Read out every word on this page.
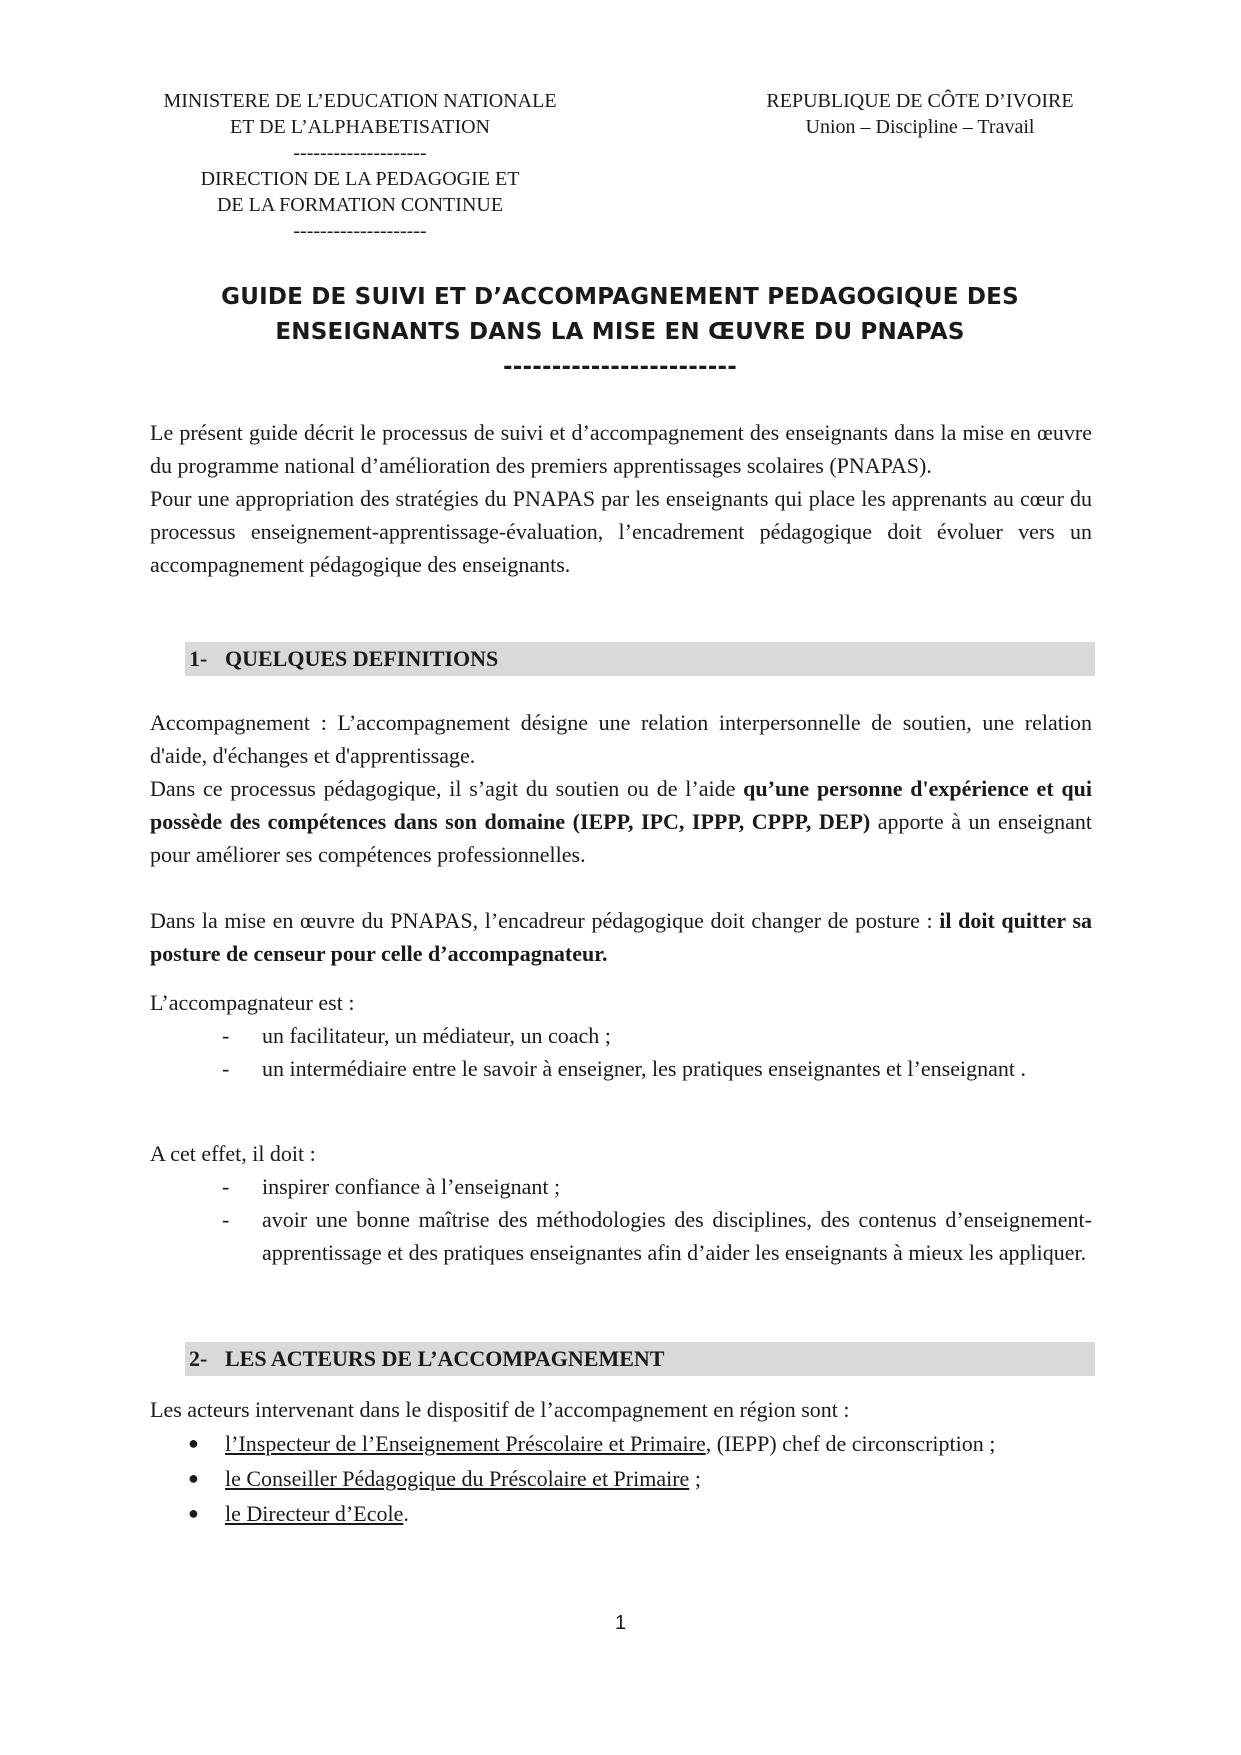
MINISTERE DE L’EDUCATION NATIONALE
ET DE L’ALPHABETISATION
--------------------
DIRECTION DE LA PEDAGOGIE ET
DE LA FORMATION CONTINUE
--------------------
REPUBLIQUE DE CÔTE D’IVOIRE
Union – Discipline – Travail
GUIDE DE SUIVI ET D’ACCOMPAGNEMENT PEDAGOGIQUE DES
ENSEIGNANTS DANS LA MISE EN ŒUVRE DU PNAPAS
------------------------

Le présent guide décrit le processus de suivi et d’accompagnement des enseignants dans la mise en œuvre du programme national d’amélioration des premiers apprentissages scolaires (PNAPAS).

Pour une appropriation des stratégies du PNAPAS par les enseignants qui place les apprenants au cœur du processus enseignement-apprentissage-évaluation, l’encadrement pédagogique doit évoluer vers un accompagnement pédagogique des enseignants.

1- QUELQUES DEFINITIONS

Accompagnement : L’accompagnement désigne une relation interpersonnelle de soutien, une relation d'aide, d'échanges et d'apprentissage.

Dans ce processus pédagogique, il s’agit du soutien ou de l’aide qu’une personne d'expérience et qui possède des compétences dans son domaine (IEPP, IPC, IPPP, CPPP, DEP) apporte à un enseignant pour améliorer ses compétences professionnelles.

Dans la mise en œuvre du PNAPAS, l’encadreur pédagogique doit changer de posture : il doit quitter sa posture de censeur pour celle d’accompagnateur.

L’accompagnateur est :

- un facilitateur, un médiateur, un coach ;
- un intermédiaire entre le savoir à enseigner, les pratiques enseignantes et l’enseignant .

A cet effet, il doit :

- inspirer confiance à l’enseignant ;
- avoir une bonne maîtrise des méthodologies des disciplines, des contenus d’enseignement-apprentissage et des pratiques enseignantes afin d’aider les enseignants à mieux les appliquer.
2- LES ACTEURS DE L’ACCOMPAGNEMENT

Les acteurs intervenant dans le dispositif de l’accompagnement en région sont :

● l’Inspecteur de l’Enseignement Préscolaire et Primaire, (IEPP) chef de circonscription ;
● le Conseiller Pédagogique du Préscolaire et Primaire ;
● le Directeur d’Ecole.
1
